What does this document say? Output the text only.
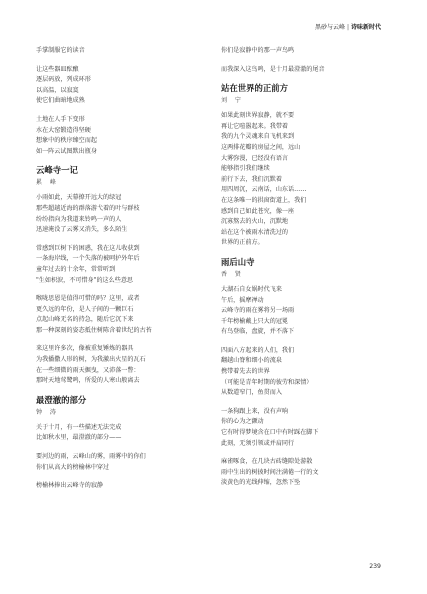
黑砂与云峰 | 诗味新时代
手掌制服它的读音
让这些器皿酝酿
逐层码放，列成环形
以高温，以寂寞
使它们曲暗地成熟
土地在人手下变形
水在大窑锻造得坚硬
想象中的秩序臻空而起
如一阵云试图默出瓶身
云峰寺一记
累 峰
小雨如此，天幕撩开远大的绿冠
那些超越近海的群落游弋着的叶与群枝
纷纷指向为我道来铃鸣一声的人
迅速淹没了云雾又消失，多么陌生
常感到巨树下的困惑，我在这儿收获到
一条海岸线，一个失落的被呵护外年后
童年过去的十余年，常常听到
"生如枳涙，不可惜身"的这么些意思
喉咙思恩是值得可惜的吗？这里，或者
更久远的年份，是人子间的一颗巨石
点起山峰无名的持急，随后它沉下来
那一种深刻的姿态抵住树陈含着世纪的古苔
来这里许多次，像被重复锤炼的器具
为我播撒人形的树，为我激出火星的瓦石
在一些细微的雨天掘曳，又沛落一瞥：
那时天地莺鹭鸣，所爱的人寒山般离去
最澄澈的部分
钟 涛
关于十月，有一些描述无法完成
比如秋水里，最澄澈的部分——
要河边的雨，云峰山的雾，雨雾中的你们
你们从高大的榜榆林中穿过
榜榆林捧出云峰寺的寂静
你们是寂静中的那一声鸟鸣
而我深入这鸟鸣，是十月最澄澈的尾音
站在世界的正前方
刘 宁
如果此刻世界寂静，就不要
再让它喧嚣起来。我带着
我的九个灵魂来自飞机来到
这两排花瓣的房屋之间，远山
大雾弥漫，已经没有语言
能够指引我们继续
前行下去，我们沉默着
用四周沉，云南话，山东话……
在这条唯一的拱窗街道上，我们
感到自己如此苍究，像一座
沉寡熬去的火山，沉默地
站在这个被雨水清洗过的
世界的正前方。
雨后山寺
香 贤
大湖石自女娲时代飞来
午后，摇摩禅动
云峰寺的雨在雾将另一场雨
千年榜榆戴上只大的冠冕
有鸟登临，盘旋，并不落下
四面八方起来的人们，我们
翻越山脊和细小的流泉
携带着先去的世界
（可能是青年时期的彼劳和深情）
从数道窄门，鱼贯而入
一条狗跟上来，没有声响
你的心为之颤动
它有时得梦境含在口中有时踩在脚下
此刻，无须引领或并肩同行
麻雀啄食，在几块古砖缝隙处游散
雨中生出的树披时间注满倦一行的文
淡黄色的光线伸缩，忽然下坠
239
